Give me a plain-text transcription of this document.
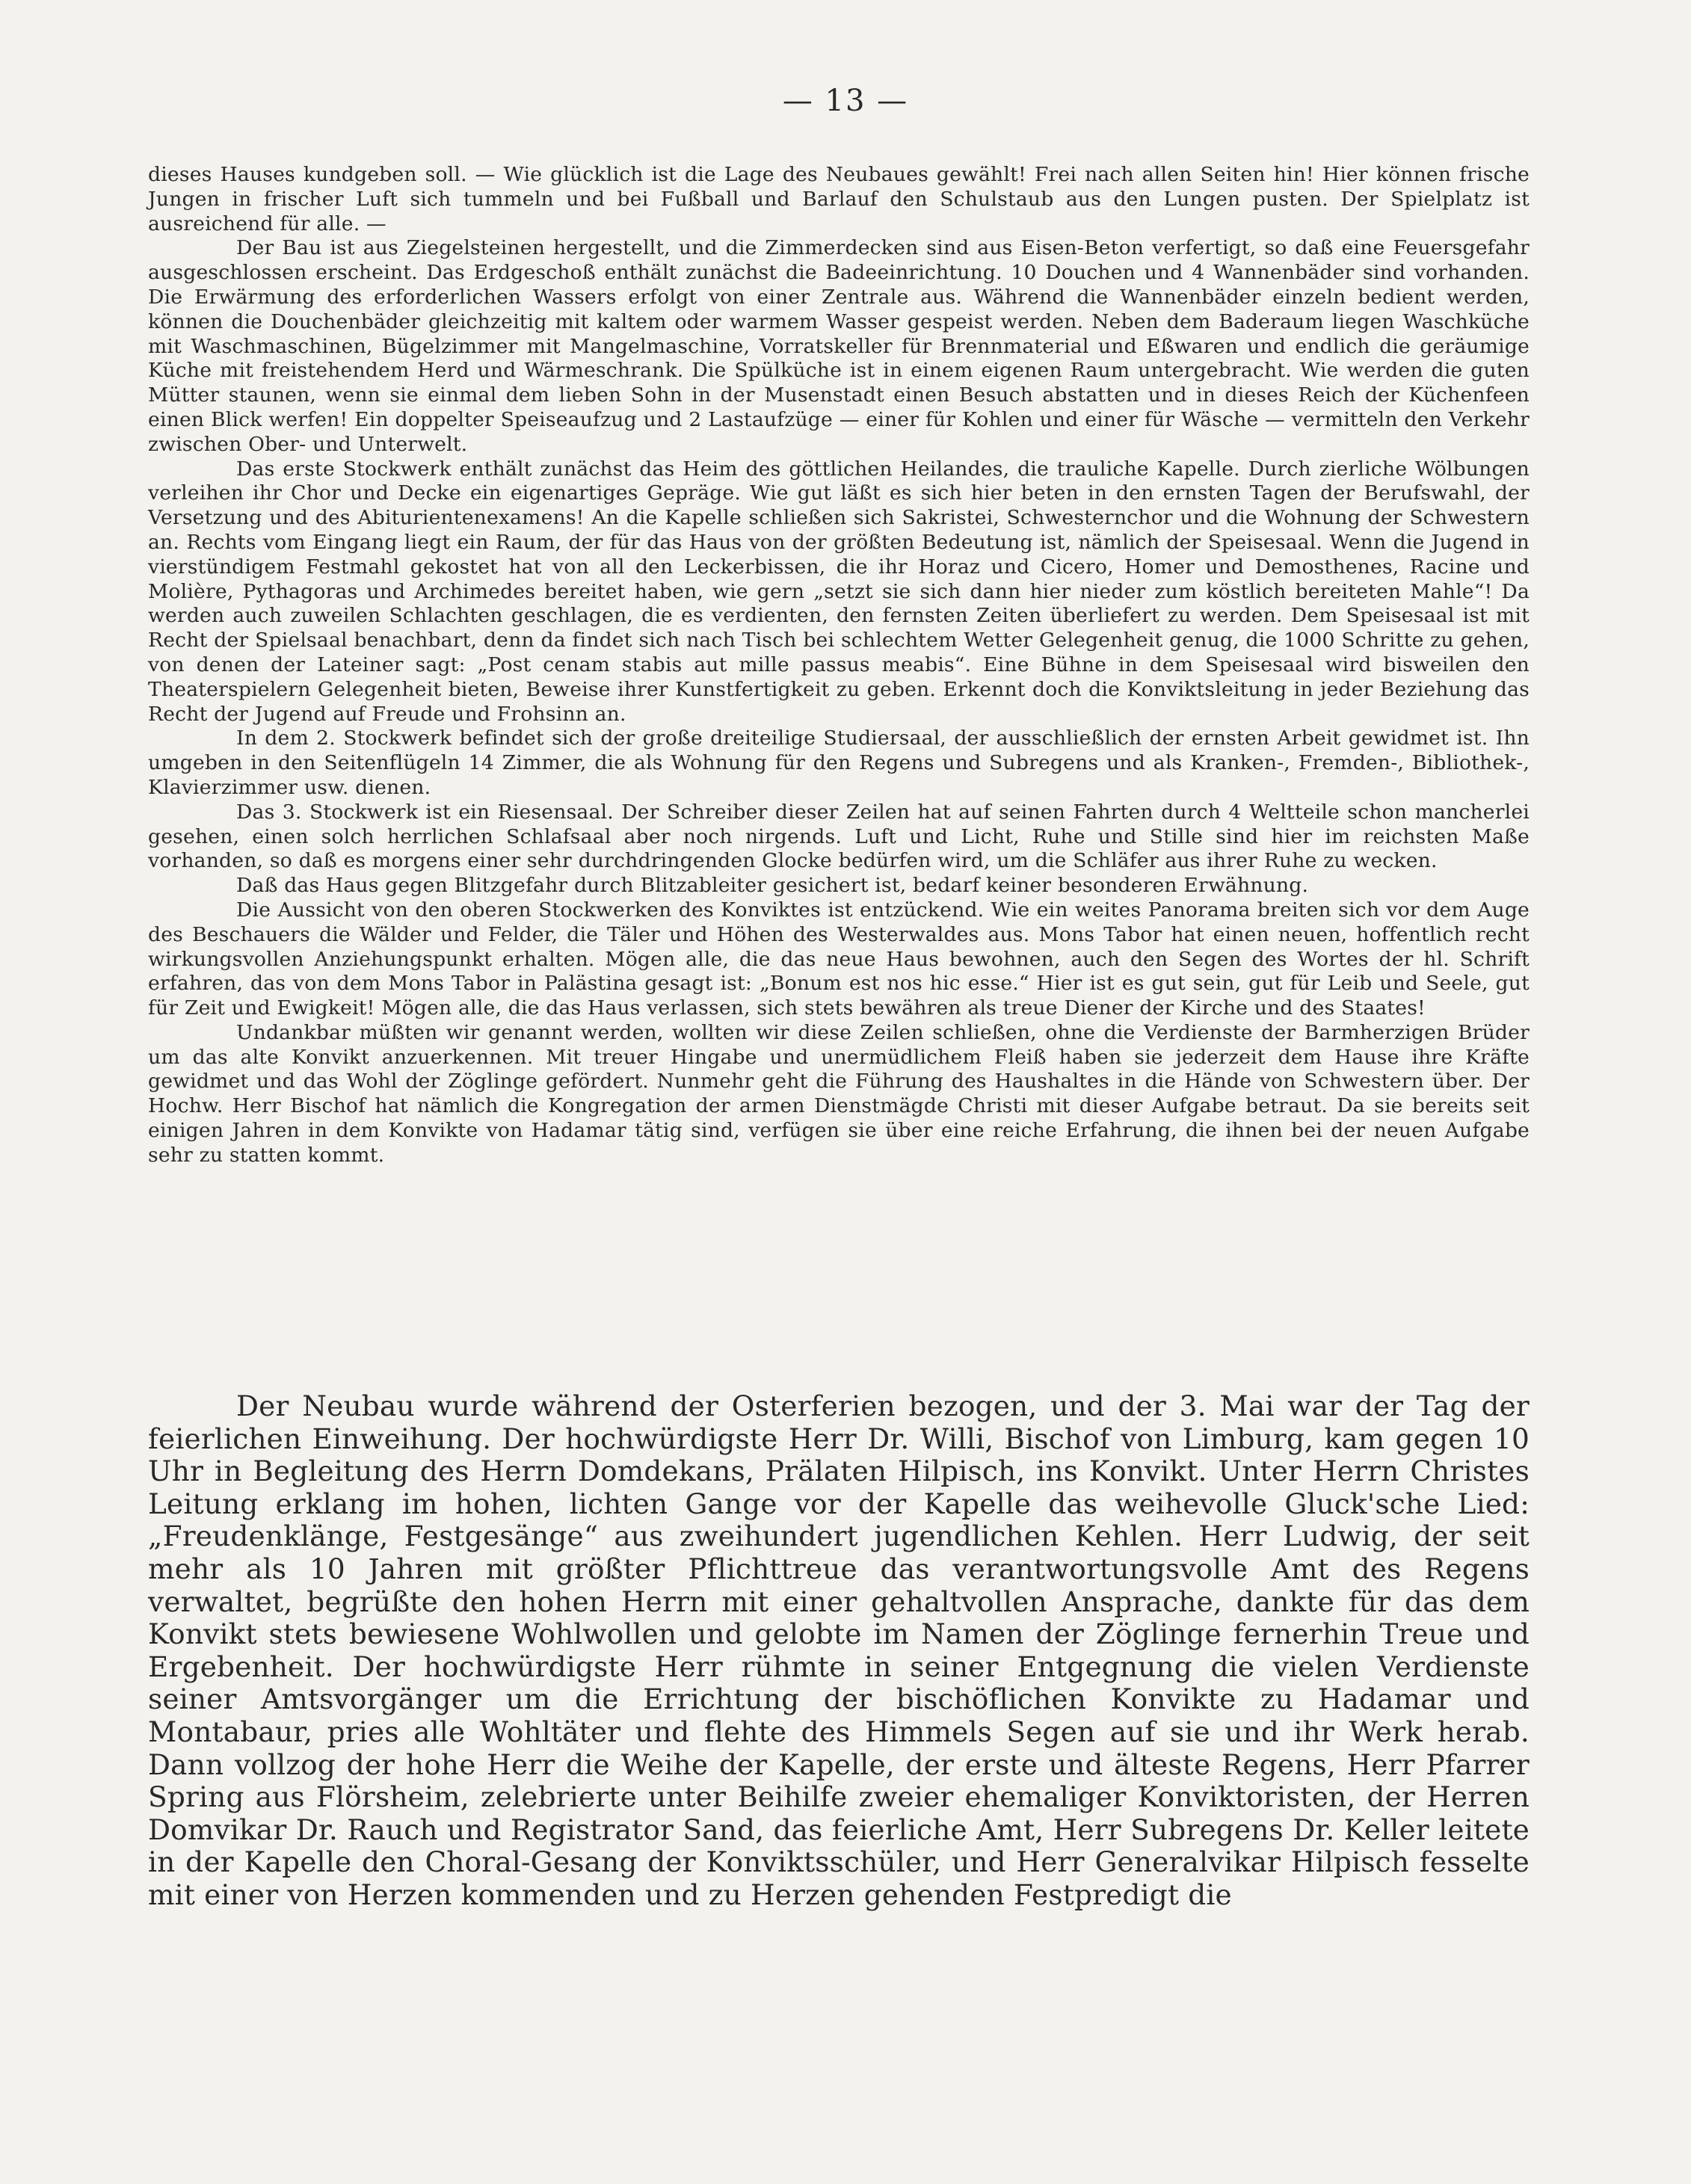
— 13 —

dieses Hauses kundgeben soll. — Wie glücklich ist die Lage des Neubaues gewählt! Frei nach allen Seiten hin! Hier können frische Jungen in frischer Luft sich tummeln und bei Fußball und Barlauf den Schulstaub aus den Lungen pusten. Der Spielplatz ist ausreichend für alle. —

Der Bau ist aus Ziegelsteinen hergestellt, und die Zimmerdecken sind aus Eisen-Beton verfertigt, so daß eine Feuersgefahr ausgeschlossen erscheint. Das Erdgeschoß enthält zunächst die Badeeinrichtung. 10 Douchen und 4 Wannenbäder sind vorhanden. Die Erwärmung des erforderlichen Wassers erfolgt von einer Zentrale aus. Während die Wannenbäder einzeln bedient werden, können die Douchenbäder gleichzeitig mit kaltem oder warmem Wasser gespeist werden. Neben dem Baderaum liegen Waschküche mit Waschmaschinen, Bügelzimmer mit Mangelmaschine, Vorratskeller für Brennmaterial und Eßwaren und endlich die geräumige Küche mit freistehendem Herd und Wärmeschrank. Die Spülküche ist in einem eigenen Raum untergebracht. Wie werden die guten Mütter staunen, wenn sie einmal dem lieben Sohn in der Musenstadt einen Besuch abstatten und in dieses Reich der Küchenfeen einen Blick werfen! Ein doppelter Speiseaufzug und 2 Lastaufzüge — einer für Kohlen und einer für Wäsche — vermitteln den Verkehr zwischen Ober- und Unterwelt.

Das erste Stockwerk enthält zunächst das Heim des göttlichen Heilandes, die trauliche Kapelle. Durch zierliche Wölbungen verleihen ihr Chor und Decke ein eigenartiges Gepräge. Wie gut läßt es sich hier beten in den ernsten Tagen der Berufswahl, der Versetzung und des Abiturientenexamens! An die Kapelle schließen sich Sakristei, Schwesternchor und die Wohnung der Schwestern an. Rechts vom Eingang liegt ein Raum, der für das Haus von der größten Bedeutung ist, nämlich der Speisesaal. Wenn die Jugend in vierstündigem Festmahl gekostet hat von all den Leckerbissen, die ihr Horaz und Cicero, Homer und Demosthenes, Racine und Molière, Pythagoras und Archimedes bereitet haben, wie gern „setzt sie sich dann hier nieder zum köstlich bereiteten Mahle“! Da werden auch zuweilen Schlachten geschlagen, die es verdienten, den fernsten Zeiten überliefert zu werden. Dem Speisesaal ist mit Recht der Spielsaal benachbart, denn da findet sich nach Tisch bei schlechtem Wetter Gelegenheit genug, die 1000 Schritte zu gehen, von denen der Lateiner sagt: „Post cenam stabis aut mille passus meabis“. Eine Bühne in dem Speisesaal wird bisweilen den Theaterspielern Gelegenheit bieten, Beweise ihrer Kunstfertigkeit zu geben. Erkennt doch die Konviktsleitung in jeder Beziehung das Recht der Jugend auf Freude und Frohsinn an.

In dem 2. Stockwerk befindet sich der große dreiteilige Studiersaal, der ausschließlich der ernsten Arbeit gewidmet ist. Ihn umgeben in den Seitenflügeln 14 Zimmer, die als Wohnung für den Regens und Subregens und als Kranken-, Fremden-, Bibliothek-, Klavierzimmer usw. dienen.

Das 3. Stockwerk ist ein Riesensaal. Der Schreiber dieser Zeilen hat auf seinen Fahrten durch 4 Weltteile schon mancherlei gesehen, einen solch herrlichen Schlafsaal aber noch nirgends. Luft und Licht, Ruhe und Stille sind hier im reichsten Maße vorhanden, so daß es morgens einer sehr durchdringenden Glocke bedürfen wird, um die Schläfer aus ihrer Ruhe zu wecken.

Daß das Haus gegen Blitzgefahr durch Blitzableiter gesichert ist, bedarf keiner besonderen Erwähnung.

Die Aussicht von den oberen Stockwerken des Konviktes ist entzückend. Wie ein weites Panorama breiten sich vor dem Auge des Beschauers die Wälder und Felder, die Täler und Höhen des Westerwaldes aus. Mons Tabor hat einen neuen, hoffentlich recht wirkungsvollen Anziehungspunkt erhalten. Mögen alle, die das neue Haus bewohnen, auch den Segen des Wortes der hl. Schrift erfahren, das von dem Mons Tabor in Palästina gesagt ist: „Bonum est nos hic esse.“ Hier ist es gut sein, gut für Leib und Seele, gut für Zeit und Ewigkeit! Mögen alle, die das Haus verlassen, sich stets bewähren als treue Diener der Kirche und des Staates!

Undankbar müßten wir genannt werden, wollten wir diese Zeilen schließen, ohne die Verdienste der Barmherzigen Brüder um das alte Konvikt anzuerkennen. Mit treuer Hingabe und unermüdlichem Fleiß haben sie jederzeit dem Hause ihre Kräfte gewidmet und das Wohl der Zöglinge gefördert. Nunmehr geht die Führung des Haushaltes in die Hände von Schwestern über. Der Hochw. Herr Bischof hat nämlich die Kongregation der armen Dienstmägde Christi mit dieser Aufgabe betraut. Da sie bereits seit einigen Jahren in dem Konvikte von Hadamar tätig sind, verfügen sie über eine reiche Erfahrung, die ihnen bei der neuen Aufgabe sehr zu statten kommt.

Der Neubau wurde während der Osterferien bezogen, und der 3. Mai war der Tag der feierlichen Einweihung. Der hochwürdigste Herr Dr. Willi, Bischof von Limburg, kam gegen 10 Uhr in Begleitung des Herrn Domdekans, Prälaten Hilpisch, ins Konvikt. Unter Herrn Christes Leitung erklang im hohen, lichten Gange vor der Kapelle das weihevolle Gluck'sche Lied: „Freudenklänge, Festgesänge“ aus zweihundert jugendlichen Kehlen. Herr Ludwig, der seit mehr als 10 Jahren mit größter Pflichttreue das verantwortungsvolle Amt des Regens verwaltet, begrüßte den hohen Herrn mit einer gehaltvollen Ansprache, dankte für das dem Konvikt stets bewiesene Wohlwollen und gelobte im Namen der Zöglinge fernerhin Treue und Ergebenheit. Der hochwürdigste Herr rühmte in seiner Entgegnung die vielen Verdienste seiner Amtsvorgänger um die Errichtung der bischöflichen Konvikte zu Hadamar und Montabaur, pries alle Wohltäter und flehte des Himmels Segen auf sie und ihr Werk herab. Dann vollzog der hohe Herr die Weihe der Kapelle, der erste und älteste Regens, Herr Pfarrer Spring aus Flörsheim, zelebrierte unter Beihilfe zweier ehemaliger Konviktoristen, der Herren Domvikar Dr. Rauch und Registrator Sand, das feierliche Amt, Herr Subregens Dr. Keller leitete in der Kapelle den Choral-Gesang der Konviktsschüler, und Herr Generalvikar Hilpisch fesselte mit einer von Herzen kommenden und zu Herzen gehenden Festpredigt die
